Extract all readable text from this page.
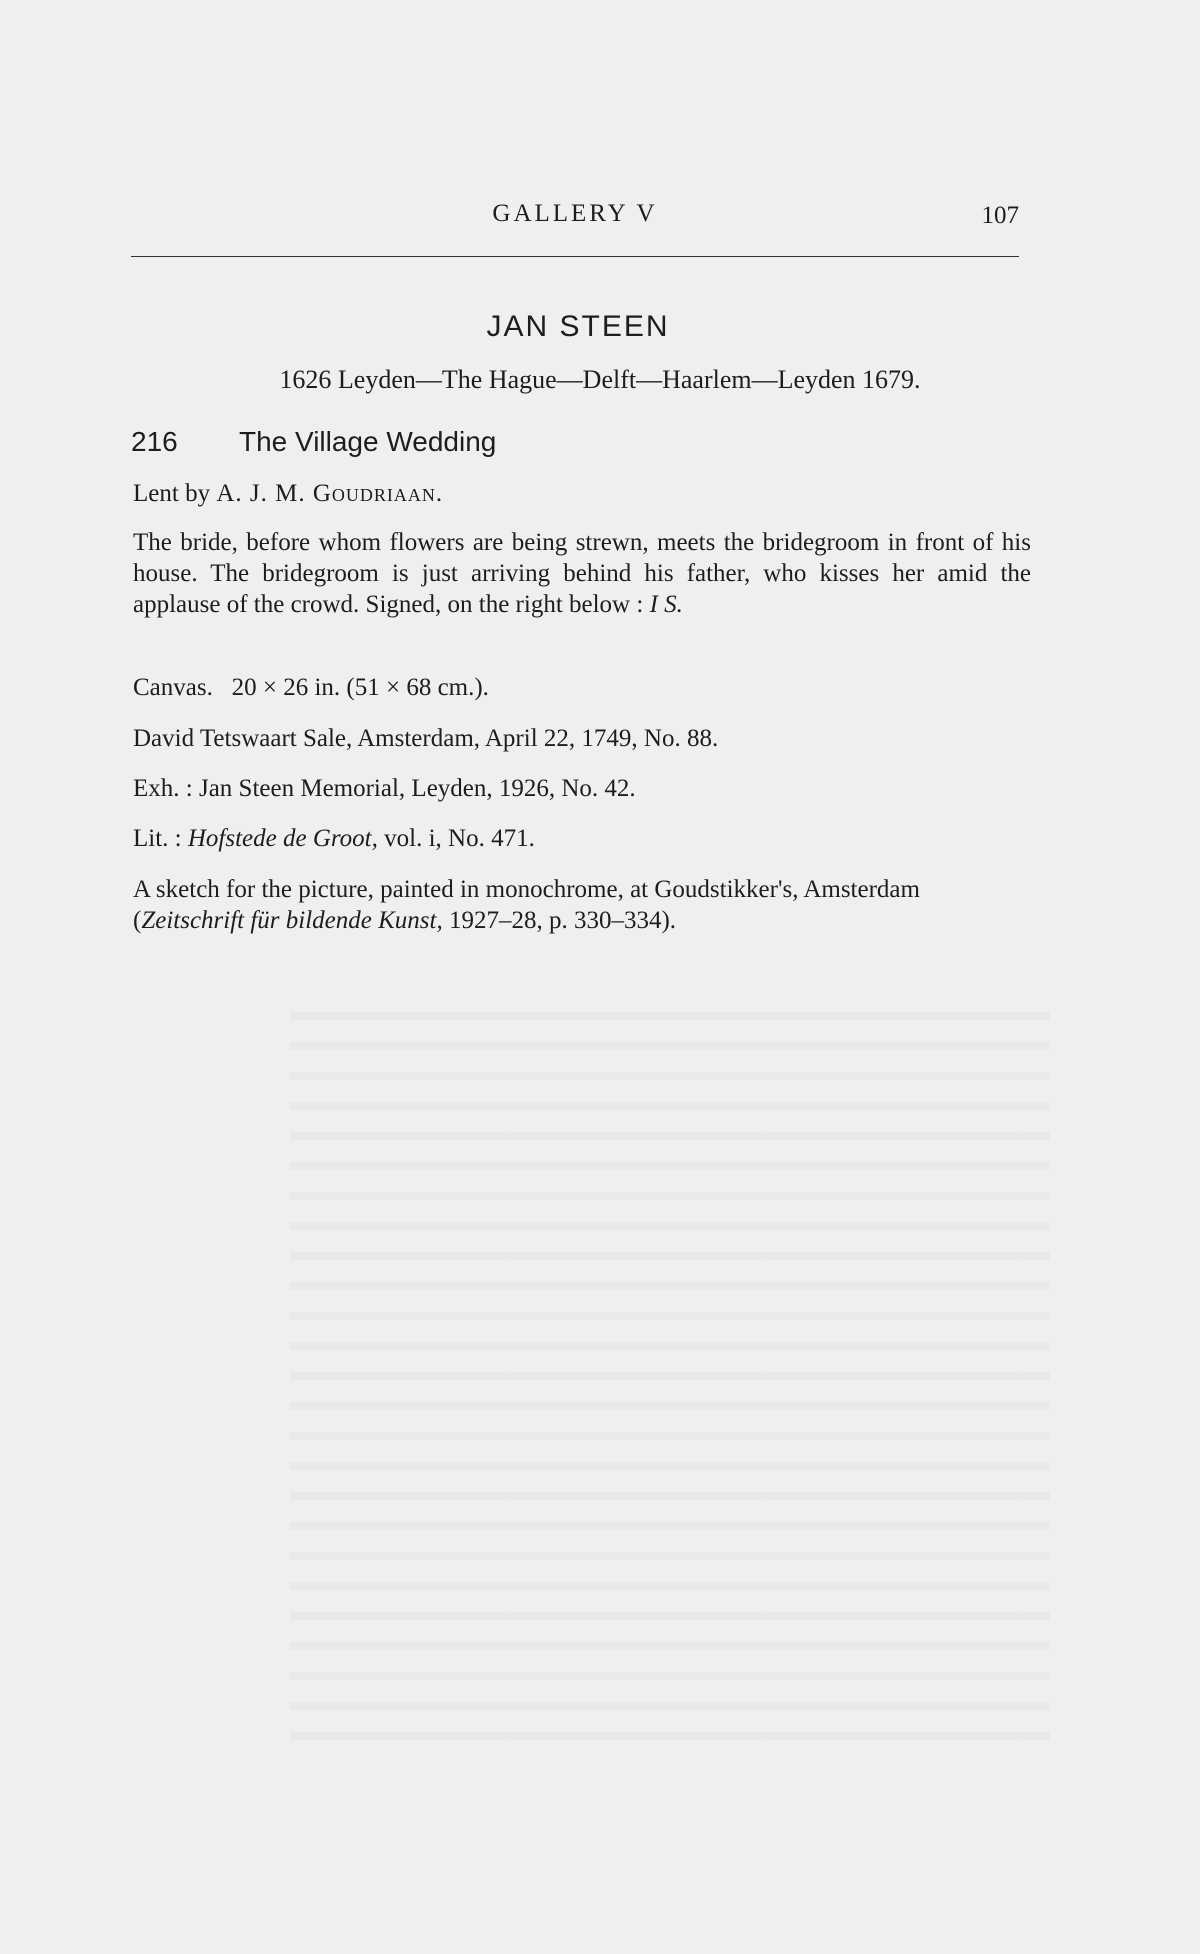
GALLERY V	107
JAN STEEN
1626 Leyden—The Hague—Delft—Haarlem—Leyden 1679.
216 The Village Wedding
Lent by A. J. M. Goudriaan.
The bride, before whom flowers are being strewn, meets the bridegroom in front of his house. The bridegroom is just arriving behind his father, who kisses her amid the applause of the crowd. Signed, on the right below : I S.
Canvas.   20 × 26 in. (51 × 68 cm.).
David Tetswaart Sale, Amsterdam, April 22, 1749, No. 88.
Exh. : Jan Steen Memorial, Leyden, 1926, No. 42.
Lit. : Hofstede de Groot, vol. i, No. 471.
A sketch for the picture, painted in monochrome, at Goudstikker's, Amsterdam (Zeitschrift für bildende Kunst, 1927–28, p. 330–334).
